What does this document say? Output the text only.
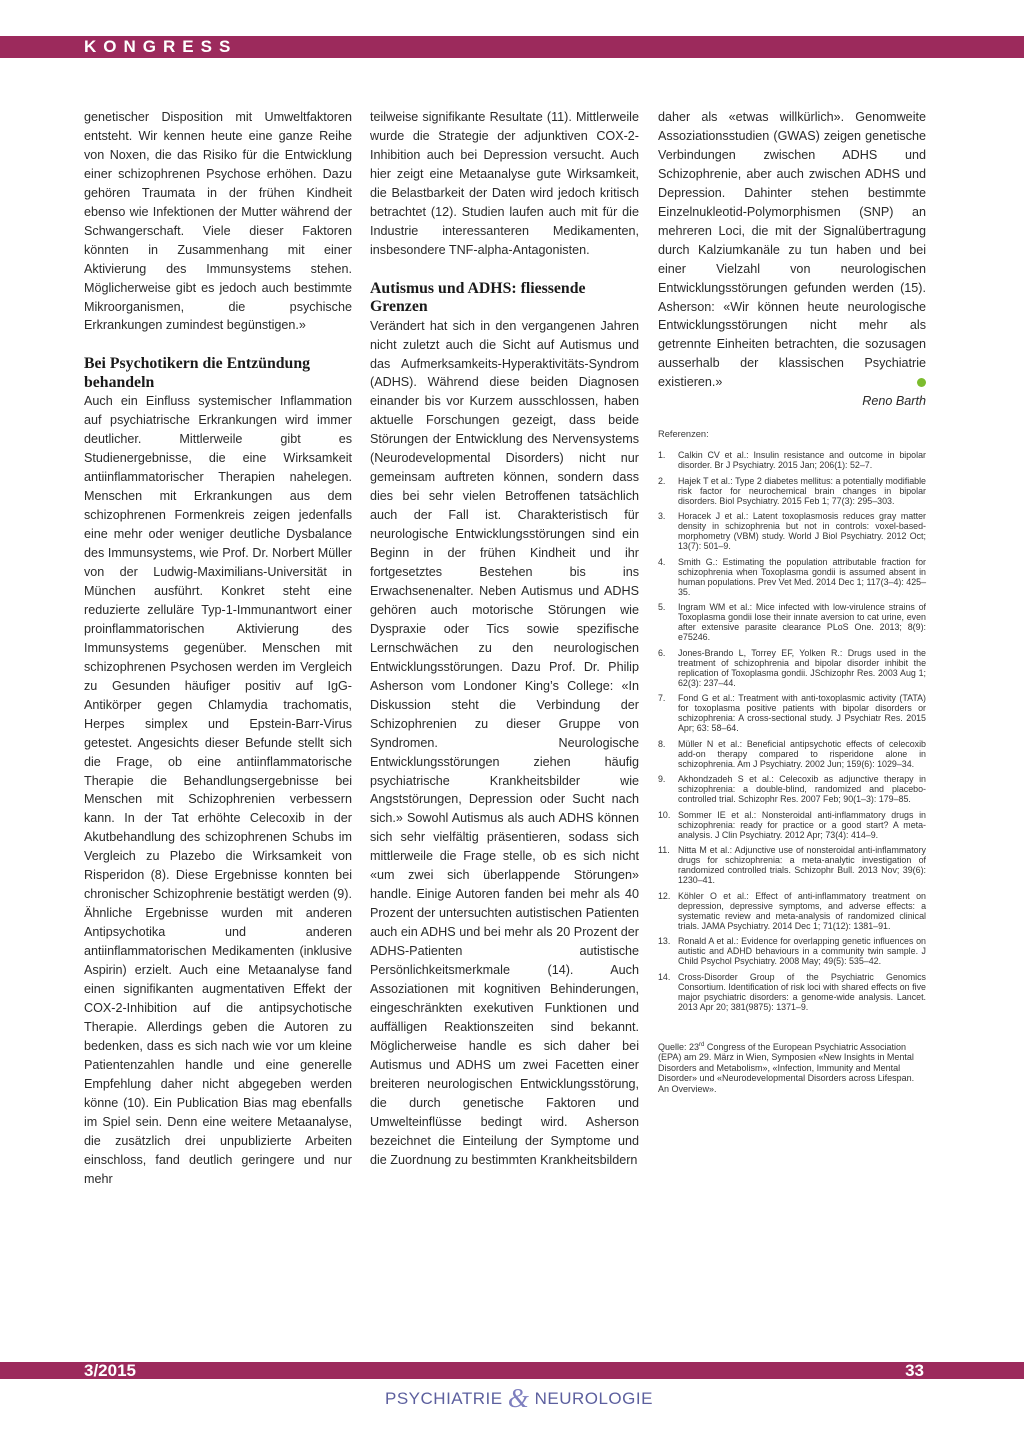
KONGRESS

genetischer Disposition mit Umweltfaktoren entsteht. Wir kennen heute eine ganze Reihe von Noxen, die das Risiko für die Entwicklung einer schizophrenen Psychose erhöhen. Dazu gehören Traumata in der frühen Kindheit ebenso wie Infektionen der Mutter während der Schwangerschaft. Viele dieser Faktoren könnten in Zusammenhang mit einer Aktivierung des Immunsystems stehen. Möglicherweise gibt es jedoch auch bestimmte Mikroorganismen, die psychische Erkrankungen zumindest begünstigen.»

Bei Psychotikern die Entzündung behandeln

Auch ein Einfluss systemischer Inflammation auf psychiatrische Erkrankungen wird immer deutlicher. Mittlerweile gibt es Studienergebnisse, die eine Wirksamkeit antiinflammatorischer Therapien nahelegen. Menschen mit Erkrankungen aus dem schizophrenen Formenkreis zeigen jedenfalls eine mehr oder weniger deutliche Dysbalance des Immunsystems, wie Prof. Dr. Norbert Müller von der Ludwig-Maximilians-Universität in München ausführt. Konkret steht eine reduzierte zelluläre Typ-1-Immunantwort einer proinflammatorischen Aktivierung des Immunsystems gegenüber. Menschen mit schizophrenen Psychosen werden im Vergleich zu Gesunden häufiger positiv auf IgG-Antikörper gegen Chlamydia trachomatis, Herpes simplex und Epstein-Barr-Virus getestet. Angesichts dieser Befunde stellt sich die Frage, ob eine antiinflammatorische Therapie die Behandlungsergebnisse bei Menschen mit Schizophrenien verbessern kann. In der Tat erhöhte Celecoxib in der Akutbehandlung des schizophrenen Schubs im Vergleich zu Plazebo die Wirksamkeit von Risperidon (8). Diese Ergebnisse konnten bei chronischer Schizophrenie bestätigt werden (9). Ähnliche Ergebnisse wurden mit anderen Antipsychotika und anderen antiinflammatorischen Medikamenten (inklusive Aspirin) erzielt. Auch eine Metaanalyse fand einen signifikanten augmentativen Effekt der COX-2-Inhibition auf die antipsychotische Therapie. Allerdings geben die Autoren zu bedenken, dass es sich nach wie vor um kleine Patientenzahlen handle und eine generelle Empfehlung daher nicht abgegeben werden könne (10). Ein Publication Bias mag ebenfalls im Spiel sein. Denn eine weitere Metaanalyse, die zusätzlich drei unpublizierte Arbeiten einschloss, fand deutlich geringere und nur mehr

teilweise signifikante Resultate (11). Mittlerweile wurde die Strategie der adjunktiven COX-2-Inhibition auch bei Depression versucht. Auch hier zeigt eine Metaanalyse gute Wirksamkeit, die Belastbarkeit der Daten wird jedoch kritisch betrachtet (12). Studien laufen auch mit für die Industrie interessanteren Medikamenten, insbesondere TNF-alpha-Antagonisten.

Autismus und ADHS: fliessende Grenzen

Verändert hat sich in den vergangenen Jahren nicht zuletzt auch die Sicht auf Autismus und das Aufmerksamkeits-Hyperaktivitäts-Syndrom (ADHS). Während diese beiden Diagnosen einander bis vor Kurzem ausschlossen, haben aktuelle Forschungen gezeigt, dass beide Störungen der Entwicklung des Nervensystems (Neurodevelopmental Disorders) nicht nur gemeinsam auftreten können, sondern dass dies bei sehr vielen Betroffenen tatsächlich auch der Fall ist. Charakteristisch für neurologische Entwicklungsstörungen sind ein Beginn in der frühen Kindheit und ihr fortgesetztes Bestehen bis ins Erwachsenenalter. Neben Autismus und ADHS gehören auch motorische Störungen wie Dyspraxie oder Tics sowie spezifische Lernschwächen zu den neurologischen Entwicklungsstörungen. Dazu Prof. Dr. Philip Asherson vom Londoner King’s College: «In Diskussion steht die Verbindung der Schizophrenien zu dieser Gruppe von Syndromen. Neurologische Entwicklungsstörungen ziehen häufig psychiatrische Krankheitsbilder wie Angststörungen, Depression oder Sucht nach sich.» Sowohl Autismus als auch ADHS können sich sehr vielfältig präsentieren, sodass sich mittlerweile die Frage stelle, ob es sich nicht «um zwei sich überlappende Störungen» handle. Einige Autoren fanden bei mehr als 40 Prozent der untersuchten autistischen Patienten auch ein ADHS und bei mehr als 20 Prozent der ADHS-Patienten autistische Persönlichkeitsmerkmale (14). Auch Assoziationen mit kognitiven Behinderungen, eingeschränkten exekutiven Funktionen und auffälligen Reaktionszeiten sind bekannt. Möglicherweise handle es sich daher bei Autismus und ADHS um zwei Facetten einer breiteren neurologischen Entwicklungsstörung, die durch genetische Faktoren und Umwelteinflüsse bedingt wird. Asherson bezeichnet die Einteilung der Symptome und die Zuordnung zu bestimmten Krankheitsbildern

daher als «etwas willkürlich». Genomweite Assoziationsstudien (GWAS) zeigen genetische Verbindungen zwischen ADHS und Schizophrenie, aber auch zwischen ADHS und Depression. Dahinter stehen bestimmte Einzelnukleotid-Polymorphismen (SNP) an mehreren Loci, die mit der Signalübertragung durch Kalziumkanäle zu tun haben und bei einer Vielzahl von neurologischen Entwicklungsstörungen gefunden werden (15). Asherson: «Wir können heute neurologische Entwicklungsstörungen nicht mehr als getrennte Einheiten betrachten, die sozusagen ausserhalb der klassischen Psychiatrie existieren.»

Reno Barth

Referenzen:
1. Calkin CV et al.: Insulin resistance and outcome in bipolar disorder. Br J Psychiatry. 2015 Jan; 206(1): 52–7.
2. Hajek T et al.: Type 2 diabetes mellitus: a potentially modifiable risk factor for neurochemical brain changes in bipolar disorders. Biol Psychiatry. 2015 Feb 1; 77(3): 295–303.
3. Horacek J et al.: Latent toxoplasmosis reduces gray matter density in schizophrenia but not in controls: voxel-based-morphometry (VBM) study. World J Biol Psychiatry. 2012 Oct; 13(7): 501–9.
4. Smith G.: Estimating the population attributable fraction for schizophrenia when Toxoplasma gondii is assumed absent in human populations. Prev Vet Med. 2014 Dec 1; 117(3–4): 425–35.
5. Ingram WM et al.: Mice infected with low-virulence strains of Toxoplasma gondii lose their innate aversion to cat urine, even after extensive parasite clearance PLoS One. 2013; 8(9): e75246.
6. Jones-Brando L, Torrey EF, Yolken R.: Drugs used in the treatment of schizophrenia and bipolar disorder inhibit the replication of Toxoplasma gondii. JSchizophr Res. 2003 Aug 1; 62(3): 237–44.
7. Fond G et al.: Treatment with anti-toxoplasmic activity (TATA) for toxoplasma positive patients with bipolar disorders or schizophrenia: A cross-sectional study. J Psychiatr Res. 2015 Apr; 63: 58–64.
8. Müller N et al.: Beneficial antipsychotic effects of celecoxib add-on therapy compared to risperidone alone in schizophrenia. Am J Psychiatry. 2002 Jun; 159(6): 1029–34.
9. Akhondzadeh S et al.: Celecoxib as adjunctive therapy in schizophrenia: a double-blind, randomized and placebo-controlled trial. Schizophr Res. 2007 Feb; 90(1–3): 179–85.
10. Sommer IE et al.: Nonsteroidal anti-inflammatory drugs in schizophrenia: ready for practice or a good start? A meta-analysis. J Clin Psychiatry. 2012 Apr; 73(4): 414–9.
11. Nitta M et al.: Adjunctive use of nonsteroidal anti-inflammatory drugs for schizophrenia: a meta-analytic investigation of randomized controlled trials. Schizophr Bull. 2013 Nov; 39(6): 1230–41.
12. Köhler O et al.: Effect of anti-inflammatory treatment on depression, depressive symptoms, and adverse effects: a systematic review and meta-analysis of randomized clinical trials. JAMA Psychiatry. 2014 Dec 1; 71(12): 1381–91.
13. Ronald A et al.: Evidence for overlapping genetic influences on autistic and ADHD behaviours in a community twin sample. J Child Psychol Psychiatry. 2008 May; 49(5): 535–42.
14. Cross-Disorder Group of the Psychiatric Genomics Consortium. Identification of risk loci with shared effects on five major psychiatric disorders: a genome-wide analysis. Lancet. 2013 Apr 20; 381(9875): 1371–9.
Quelle: 23rd Congress of the European Psychiatric Association (EPA) am 29. März in Wien, Symposien «New Insights in Mental Disorders and Metabolism», «Infection, Immunity and Mental Disorder» und «Neurodevelopmental Disorders across Lifespan. An Overview».
3/2015	33
PSYCHIATRIE & NEUROLOGIE
